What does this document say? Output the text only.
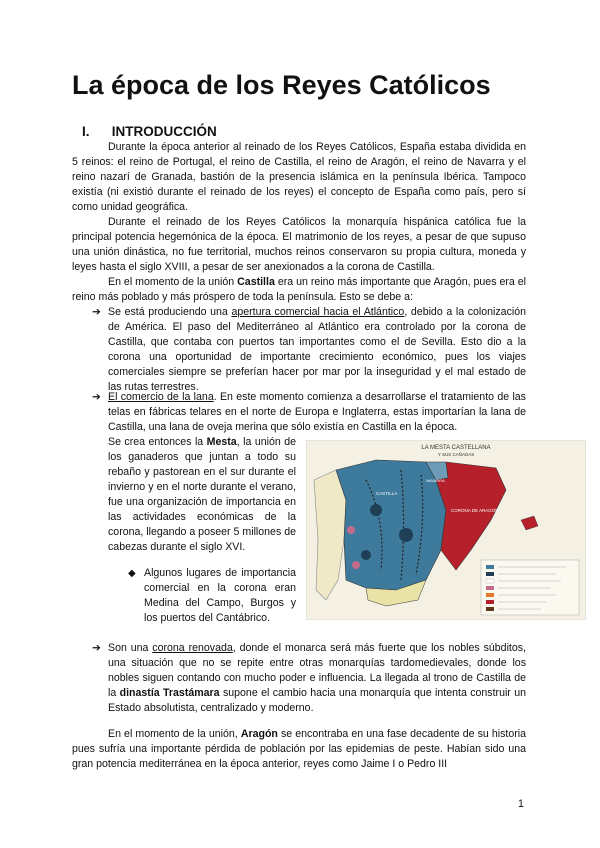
La época de los Reyes Católicos
I. INTRODUCCIÓN

Durante la época anterior al reinado de los Reyes Católicos, España estaba dividida en 5 reinos: el reino de Portugal, el reino de Castilla, el reino de Aragón, el reino de Navarra y el reino nazarí de Granada, bastión de la presencia islámica en la península Ibérica. Tampoco existía (ni existió durante el reinado de los reyes) el concepto de España como país, pero sí como unidad geográfica.

Durante el reinado de los Reyes Católicos la monarquía hispánica católica fue la principal potencia hegemónica de la época. El matrimonio de los reyes, a pesar de que supuso una unión dinástica, no fue territorial, muchos reinos conservaron su propia cultura, moneda y leyes hasta el siglo XVIII, a pesar de ser anexionados a la corona de Castilla.

En el momento de la unión Castilla era un reino más importante que Aragón, pues era el reino más poblado y más próspero de toda la península. Esto se debe a:

➔ Se está produciendo una apertura comercial hacia el Atlántico, debido a la colonización de América. El paso del Mediterráneo al Atlántico era controlado por la corona de Castilla, que contaba con puertos tan importantes como el de Sevilla. Esto dio a la corona una oportunidad de importante crecimiento económico, pues los viajes comerciales siempre se preferían hacer por mar por la inseguridad y el mal estado de las rutas terrestres.

➔ El comercio de la lana. En este momento comienza a desarrollarse el tratamiento de las telas en fábricas telares en el norte de Europa e Inglaterra, estas importarían la lana de Castilla, una lana de oveja merina que sólo existía en Castilla en la época.

Se crea entonces la Mesta, la unión de los ganaderos que juntan a todo su rebaño y pastorean en el sur durante el invierno y en el norte durante el verano, fue una organización de importancia en las actividades económicas de la corona, llegando a poseer 5 millones de cabezas durante el siglo XVI.

◆ Algunos lugares de importancia comercial en la corona eran Medina del Campo, Burgos y los puertos del Cantábrico.

LA MESTA CASTELLANA
Y SUS CAÑADAS
NAVARRA
CORONA DE ARAGÓN
CASTILLA
➔ Son una corona renovada, donde el monarca será más fuerte que los nobles súbditos, una situación que no se repite entre otras monarquías tardomedievales, donde los nobles siguen contando con mucho poder e influencia. La llegada al trono de Castilla de la dinastía Trastámara supone el cambio hacia una monarquía que intenta construir un Estado absolutista, centralizado y moderno.

En el momento de la unión, Aragón se encontraba en una fase decadente de su historia pues sufría una importante pérdida de población por las epidemias de peste. Habían sido una gran potencia mediterránea en la época anterior, reyes como Jaime I o Pedro III

1
